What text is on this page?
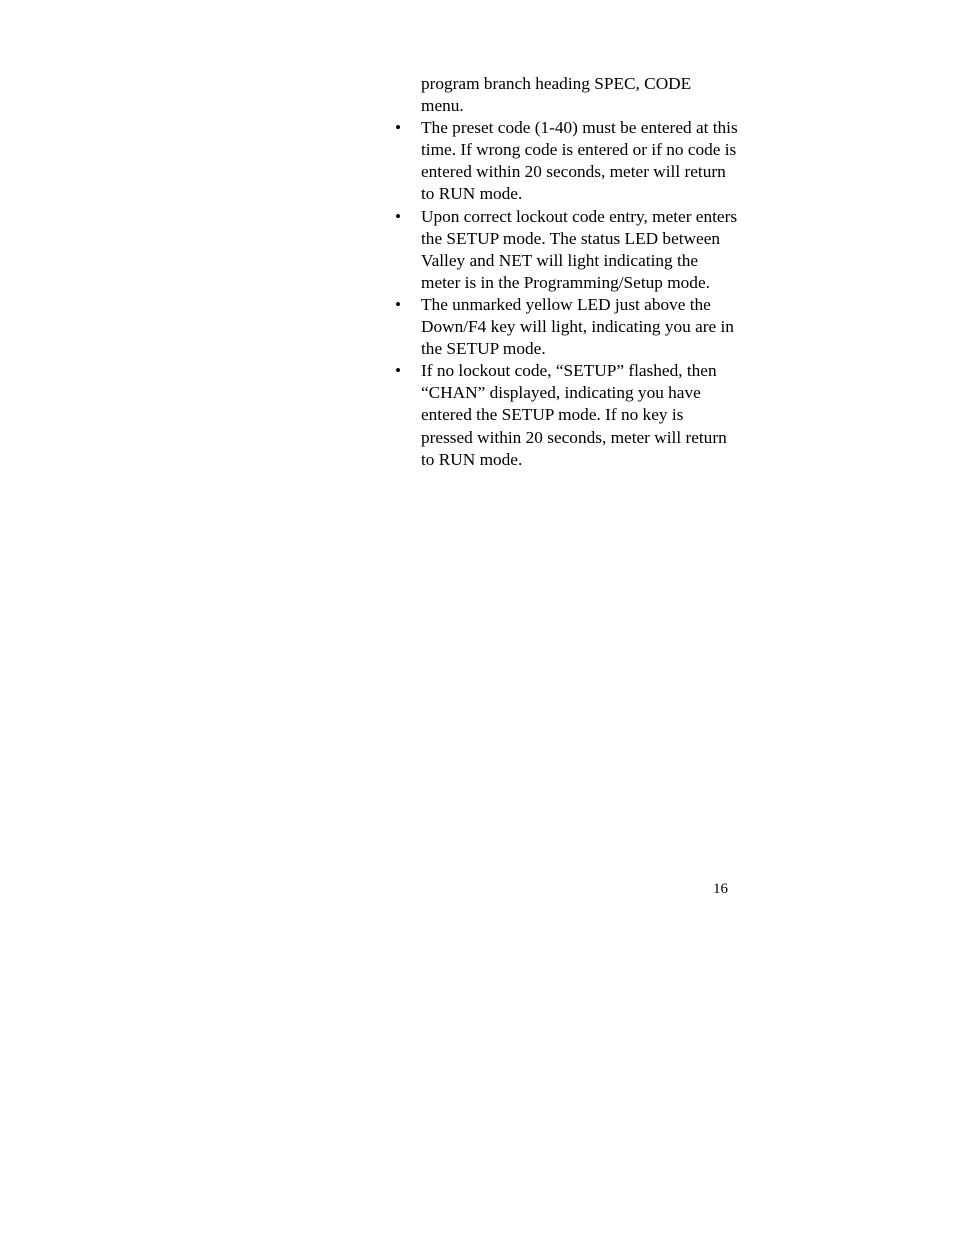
program branch heading SPEC, CODE menu.

• The preset code (1-40) must be entered at this time. If wrong code is entered or if no code is entered within 20 seconds, meter will return to RUN mode.
• Upon correct lockout code entry, meter enters the SETUP mode. The status LED between Valley and NET will light indicating the meter is in the Programming/Setup mode.
• The unmarked yellow LED just above the Down/F4 key will light, indicating you are in the SETUP mode.
• If no lockout code, “SETUP” flashed, then “CHAN” displayed, indicating you have entered the SETUP mode. If no key is pressed within 20 seconds, meter will return to RUN mode.
16
